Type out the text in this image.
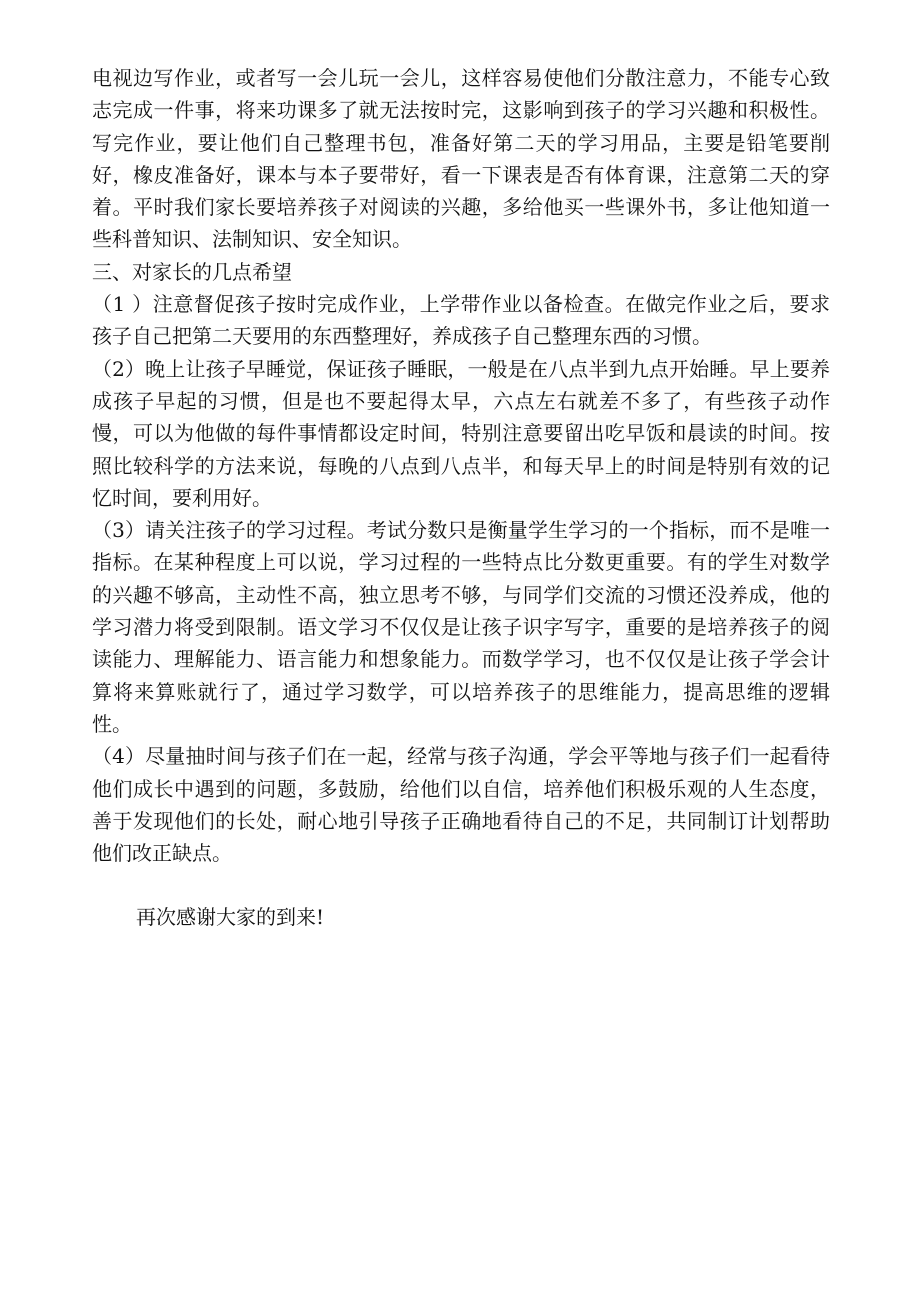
电视边写作业，或者写一会儿玩一会儿，这样容易使他们分散注意力，不能专心致志完成一件事，将来功课多了就无法按时完，这影响到孩子的学习兴趣和积极性。写完作业，要让他们自己整理书包，准备好第二天的学习用品，主要是铅笔要削好，橡皮准备好，课本与本子要带好，看一下课表是否有体育课，注意第二天的穿着。平时我们家长要培养孩子对阅读的兴趣，多给他买一些课外书，多让他知道一些科普知识、法制知识、安全知识。

三、对家长的几点希望

（1 ）注意督促孩子按时完成作业，上学带作业以备检查。在做完作业之后，要求孩子自己把第二天要用的东西整理好，养成孩子自己整理东西的习惯。

（2）晚上让孩子早睡觉，保证孩子睡眠，一般是在八点半到九点开始睡。早上要养成孩子早起的习惯，但是也不要起得太早，六点左右就差不多了，有些孩子动作慢，可以为他做的每件事情都设定时间，特别注意要留出吃早饭和晨读的时间。按照比较科学的方法来说，每晚的八点到八点半，和每天早上的时间是特别有效的记忆时间，要利用好。

（3）请关注孩子的学习过程。考试分数只是衡量学生学习的一个指标，而不是唯一指标。在某种程度上可以说，学习过程的一些特点比分数更重要。有的学生对数学的兴趣不够高，主动性不高，独立思考不够，与同学们交流的习惯还没养成，他的学习潜力将受到限制。语文学习不仅仅是让孩子识字写字，重要的是培养孩子的阅读能力、理解能力、语言能力和想象能力。而数学学习，也不仅仅是让孩子学会计算将来算账就行了，通过学习数学，可以培养孩子的思维能力，提高思维的逻辑性。

（4）尽量抽时间与孩子们在一起，经常与孩子沟通，学会平等地与孩子们一起看待他们成长中遇到的问题，多鼓励，给他们以自信，培养他们积极乐观的人生态度，善于发现他们的长处，耐心地引导孩子正确地看待自己的不足，共同制订计划帮助他们改正缺点。

再次感谢大家的到来!
